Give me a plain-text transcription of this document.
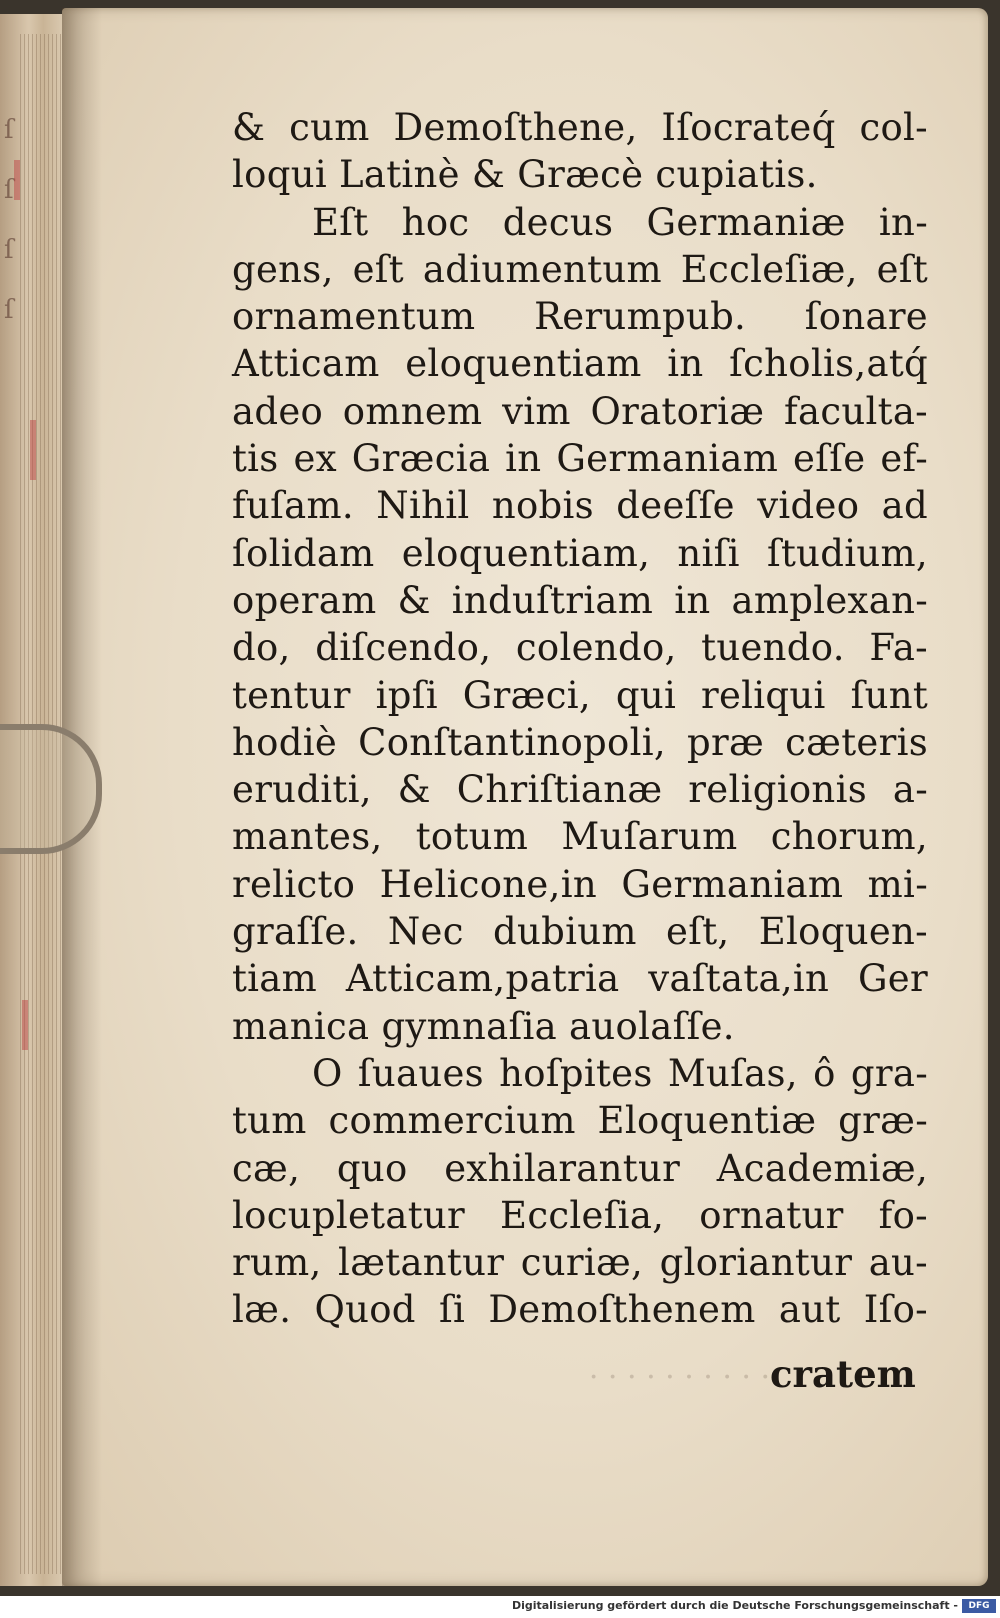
ſ
ſ
ſ
ſ
· · · · · · · · · ·
& cum Demoſthene, Iſocrateq́ col-
loqui Latinè & Græcè cupiatis.
Eſt hoc decus Germaniæ in-
gens, eſt adiumentum Eccleſiæ, eſt
ornamentum Rerumpub. ſonare
Atticam eloquentiam in ſcholis,atq́
adeo omnem vim Oratoriæ faculta-
tis ex Græcia in Germaniam eſſe ef-
fuſam. Nihil nobis deeſſe video ad
ſolidam eloquentiam, niſi ſtudium,
operam & induſtriam in amplexan-
do, diſcendo, colendo, tuendo. Fa-
tentur ipſi Græci, qui reliqui ſunt
hodiè Conſtantinopoli, præ cæteris
eruditi, & Chriſtianæ religionis a-
mantes, totum Muſarum chorum,
relicto Helicone,in Germaniam mi-
graſſe. Nec dubium eſt, Eloquen-
tiam Atticam,patria vaſtata,in Ger
manica gymnaſia auolaſſe.
O ſuaues hoſpites Muſas, ô gra-
tum commercium Eloquentiæ græ-
cæ, quo exhilarantur Academiæ,
locupletatur Eccleſia, ornatur fo-
rum, lætantur curiæ, gloriantur au-
læ. Quod ſi Demoſthenem aut Iſo-
cratem
Digitalisierung gefördert durch die Deutsche Forschungsgemeinschaft -	DFG
